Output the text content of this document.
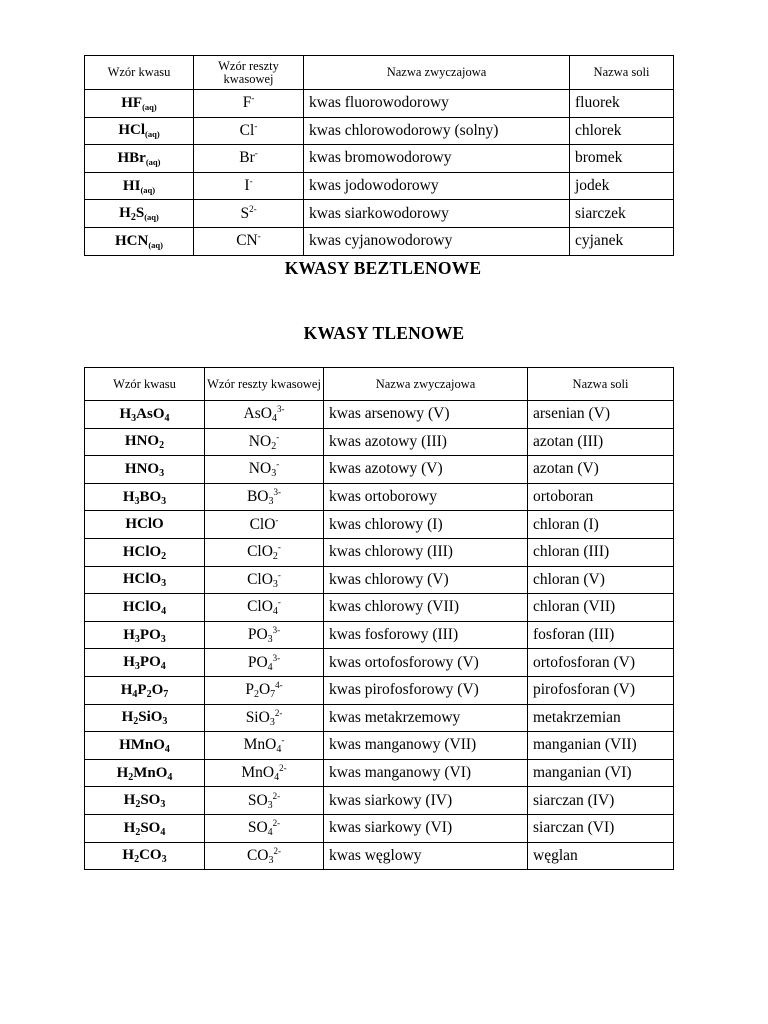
Wzór kwasu	Wzór reszty kwasowej	Nazwa zwyczajowa	Nazwa soli
$HF_{(aq)}$	F-	kwas fluorowodorowy	fluorek
HCl$_{(aq)}$	Cl-	kwas chlorowodorowy (solny)	chlorek
HBr$_{(aq)}$	Br-	kwas bromowodorowy	bromek
$HI_{(aq)}$	I-	kwas jodowodorowy	jodek
$H_2S_{(aq)}$	$S^{2-}$	kwas siarkowodorowy	siarczek
$HCN_{(aq)}$	CN-	kwas cyjanowodorowy	cyjanek
KWASY BEZTLENOWE
KWASY TLENOWE
Wzór kwasu	Wzór reszty kwasowej	Nazwa zwyczajowa	Nazwa soli
$H_3AsO_4$	AsO$_4^{3-}$	kwas arsenowy (V)	arsenian (V)
$HNO_2$	$NO_2^-$	kwas azotowy (III)	azotan (III)
$HNO_3$	$NO_3^-$	kwas azotowy (V)	azotan (V)
$H_3BO_3$	$BO_3^{3-}$	kwas ortoborowy	ortoboran
HClO	ClO-	kwas chlorowy (I)	chloran (I)
HClO$_2$	ClO$_2$-	kwas chlorowy (III)	chloran (III)
HClO$_3$	ClO$_3$-	kwas chlorowy (V)	chloran (V)
HClO$_4$	ClO$_4$-	kwas chlorowy (VII)	chloran (VII)
$H_3PO_3$	$PO_3^{3-}$	kwas fosforowy (III)	fosforan (III)
$H_3PO_4$	$PO_4^{3-}$	kwas ortofosforowy (V)	ortofosforan (V)
$H_4P_2O_7$	$P_2O_7^{4-}$	kwas pirofosforowy (V)	pirofosforan (V)
$H_2SiO_3$	SiO$_3^{2-}$	kwas metakrzemowy	metakrzemian
HMnO$_4$	MnO$_4$-	kwas manganowy (VII)	manganian (VII)
$H_2MnO_4$	MnO$_4^{2-}$	kwas manganowy (VI)	manganian (VI)
$H_2SO_3$	$SO_3^{2-}$	kwas siarkowy (IV)	siarczan (IV)
$H_2SO_4$	$SO_4^{2-}$	kwas siarkowy (VI)	siarczan (VI)
$H_2CO_3$	$CO_3^{2-}$	kwas węglowy	węglan
